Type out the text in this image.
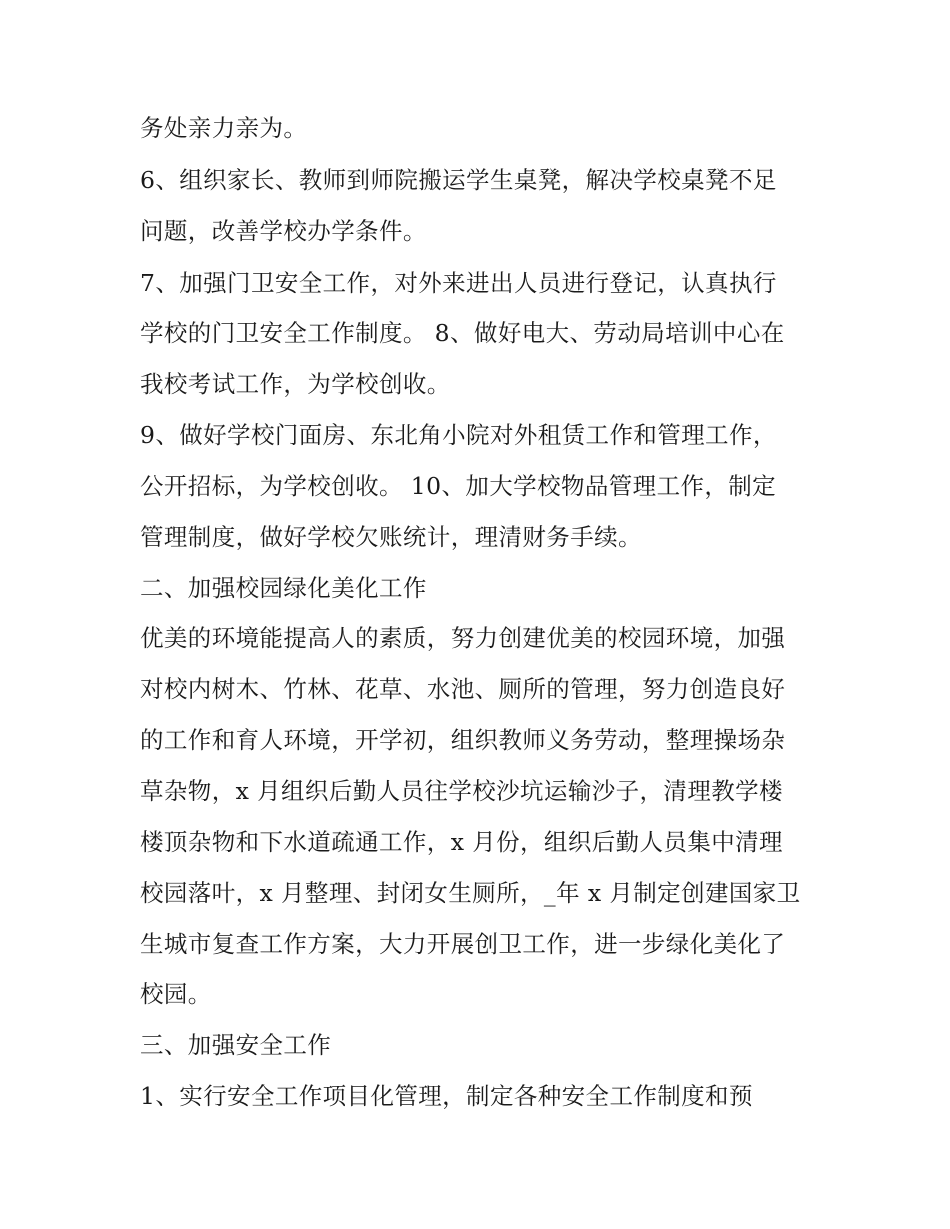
务处亲力亲为。
6、组织家长、教师到师院搬运学生桌凳，解决学校桌凳不足
问题，改善学校办学条件。
7、加强门卫安全工作，对外来进出人员进行登记，认真执行
学校的门卫安全工作制度。 8、做好电大、劳动局培训中心在
我校考试工作，为学校创收。
9、做好学校门面房、东北角小院对外租赁工作和管理工作，
公开招标，为学校创收。 10、加大学校物品管理工作，制定
管理制度，做好学校欠账统计，理清财务手续。
二、加强校园绿化美化工作
优美的环境能提高人的素质，努力创建优美的校园环境，加强
对校内树木、竹林、花草、水池、厕所的管理，努力创造良好
的工作和育人环境，开学初，组织教师义务劳动，整理操场杂
草杂物，x 月组织后勤人员往学校沙坑运输沙子，清理教学楼
楼顶杂物和下水道疏通工作，x 月份，组织后勤人员集中清理
校园落叶，x 月整理、封闭女生厕所，_年 x 月制定创建国家卫
生城市复查工作方案，大力开展创卫工作，进一步绿化美化了
校园。
三、加强安全工作
1、实行安全工作项目化管理，制定各种安全工作制度和预
